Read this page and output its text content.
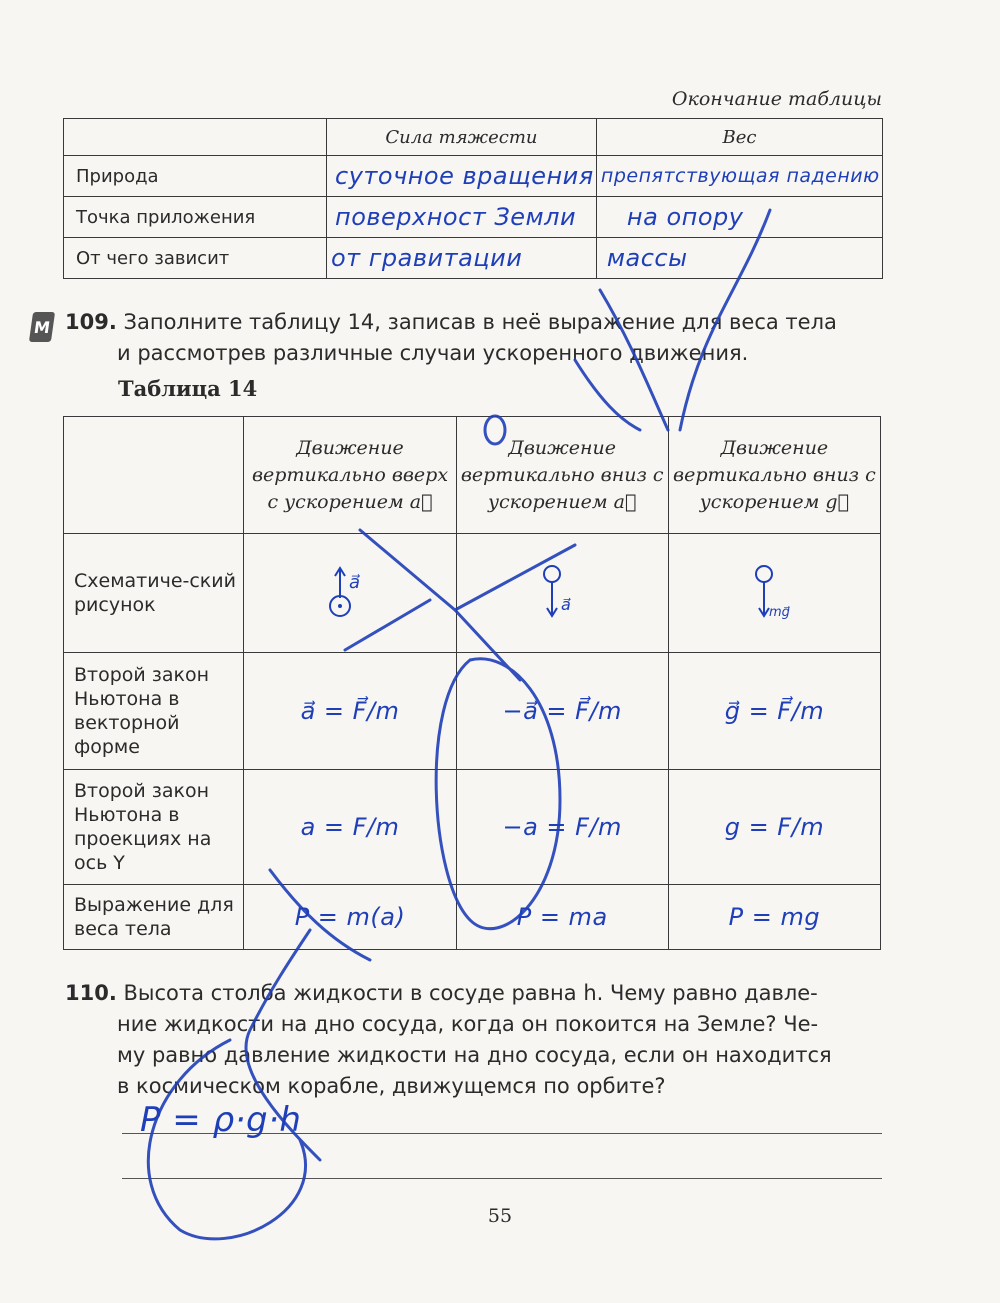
Окончание таблицы
	Сила тяжести	Вес
Природа	суточное вращения	препятствующая падению
Точка приложения	поверхност Земли	на опору
От чего зависит	от гравитации	массы
М 109. Заполните таблицу 14, записав в неё выражение для веса тела
и рассмотрев различные случаи ускоренного движения.
Таблица 14
	Движение вертикально вверх с ускорением a⃗	Движение вертикально вниз с ускорением a⃗	Движение вертикально вниз с ускорением g⃗
Схематиче-ский рисунок	a⃗	a⃗	mg⃗

Второй закон Ньютона в векторной форме	a⃗ = F⃗/m	−a⃗ = F⃗/m	g⃗ = F⃗/m

Второй закон Ньютона в проекциях на ось Y	a = F/m	−a = F/m	g = F/m

Выражение для веса тела	P = m(a)	P = ma	P = mg
110. Высота столба жидкости в сосуде равна h. Чему равно давле-
ние жидкости на дно сосуда, когда он покоится на Земле? Че-
му равно давление жидкости на дно сосуда, если он находится
в космическом корабле, движущемся по орбите?
P = ρ·g·h
55
